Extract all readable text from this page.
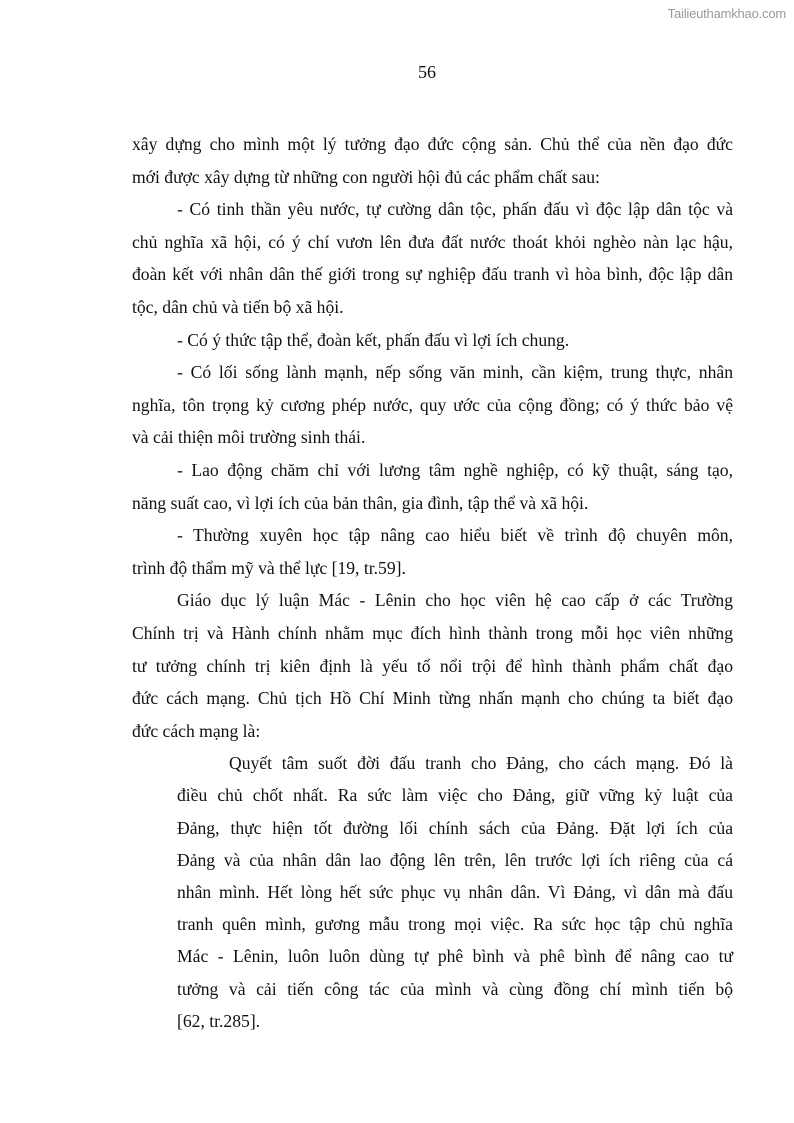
Tailieuthamkhao.com
56
xây dựng cho mình một lý tưởng đạo đức cộng sản. Chủ thể của nền đạo đức
mới được xây dựng từ những con người hội đủ các phẩm chất sau:
- Có tinh thần yêu nước, tự cường dân tộc, phấn đấu vì độc lập dân tộc và
chủ nghĩa xã hội, có ý chí vươn lên đưa đất nước thoát khỏi nghèo nàn lạc hậu,
đoàn kết với nhân dân thế giới trong sự nghiệp đấu tranh vì hòa bình, độc lập dân
tộc, dân chủ và tiến bộ xã hội.
- Có ý thức tập thể, đoàn kết, phấn đấu vì lợi ích chung.
- Có lối sống lành mạnh, nếp sống văn minh, cần kiệm, trung thực, nhân
nghĩa, tôn trọng kỷ cương phép nước, quy ước của cộng đồng; có ý thức bảo vệ
và cải thiện môi trường sinh thái.
- Lao động chăm chỉ với lương tâm nghề nghiệp, có kỹ thuật, sáng tạo,
năng suất cao, vì lợi ích của bản thân, gia đình, tập thể và xã hội.
- Thường xuyên học tập nâng cao hiểu biết về trình độ chuyên môn,
trình độ thẩm mỹ và thể lực [19, tr.59].
Giáo dục lý luận Mác - Lênin cho học viên hệ cao cấp ở các Trường
Chính trị và Hành chính nhằm mục đích hình thành trong mỗi học viên những
tư tưởng chính trị kiên định là yếu tố nổi trội để hình thành phẩm chất đạo
đức cách mạng. Chủ tịch Hồ Chí Minh từng nhấn mạnh cho chúng ta biết đạo
đức cách mạng là:
Quyết tâm suốt đời đấu tranh cho Đảng, cho cách mạng. Đó là
điều chủ chốt nhất. Ra sức làm việc cho Đảng, giữ vững kỷ luật của
Đảng, thực hiện tốt đường lối chính sách của Đảng. Đặt lợi ích của
Đảng và của nhân dân lao động lên trên, lên trước lợi ích riêng của cá
nhân mình. Hết lòng hết sức phục vụ nhân dân. Vì Đảng, vì dân mà đấu
tranh quên mình, gương mẫu trong mọi việc. Ra sức học tập chủ nghĩa
Mác - Lênin, luôn luôn dùng tự phê bình và phê bình để nâng cao tư
tưởng và cải tiến công tác của mình và cùng đồng chí mình tiến bộ
[62, tr.285].
